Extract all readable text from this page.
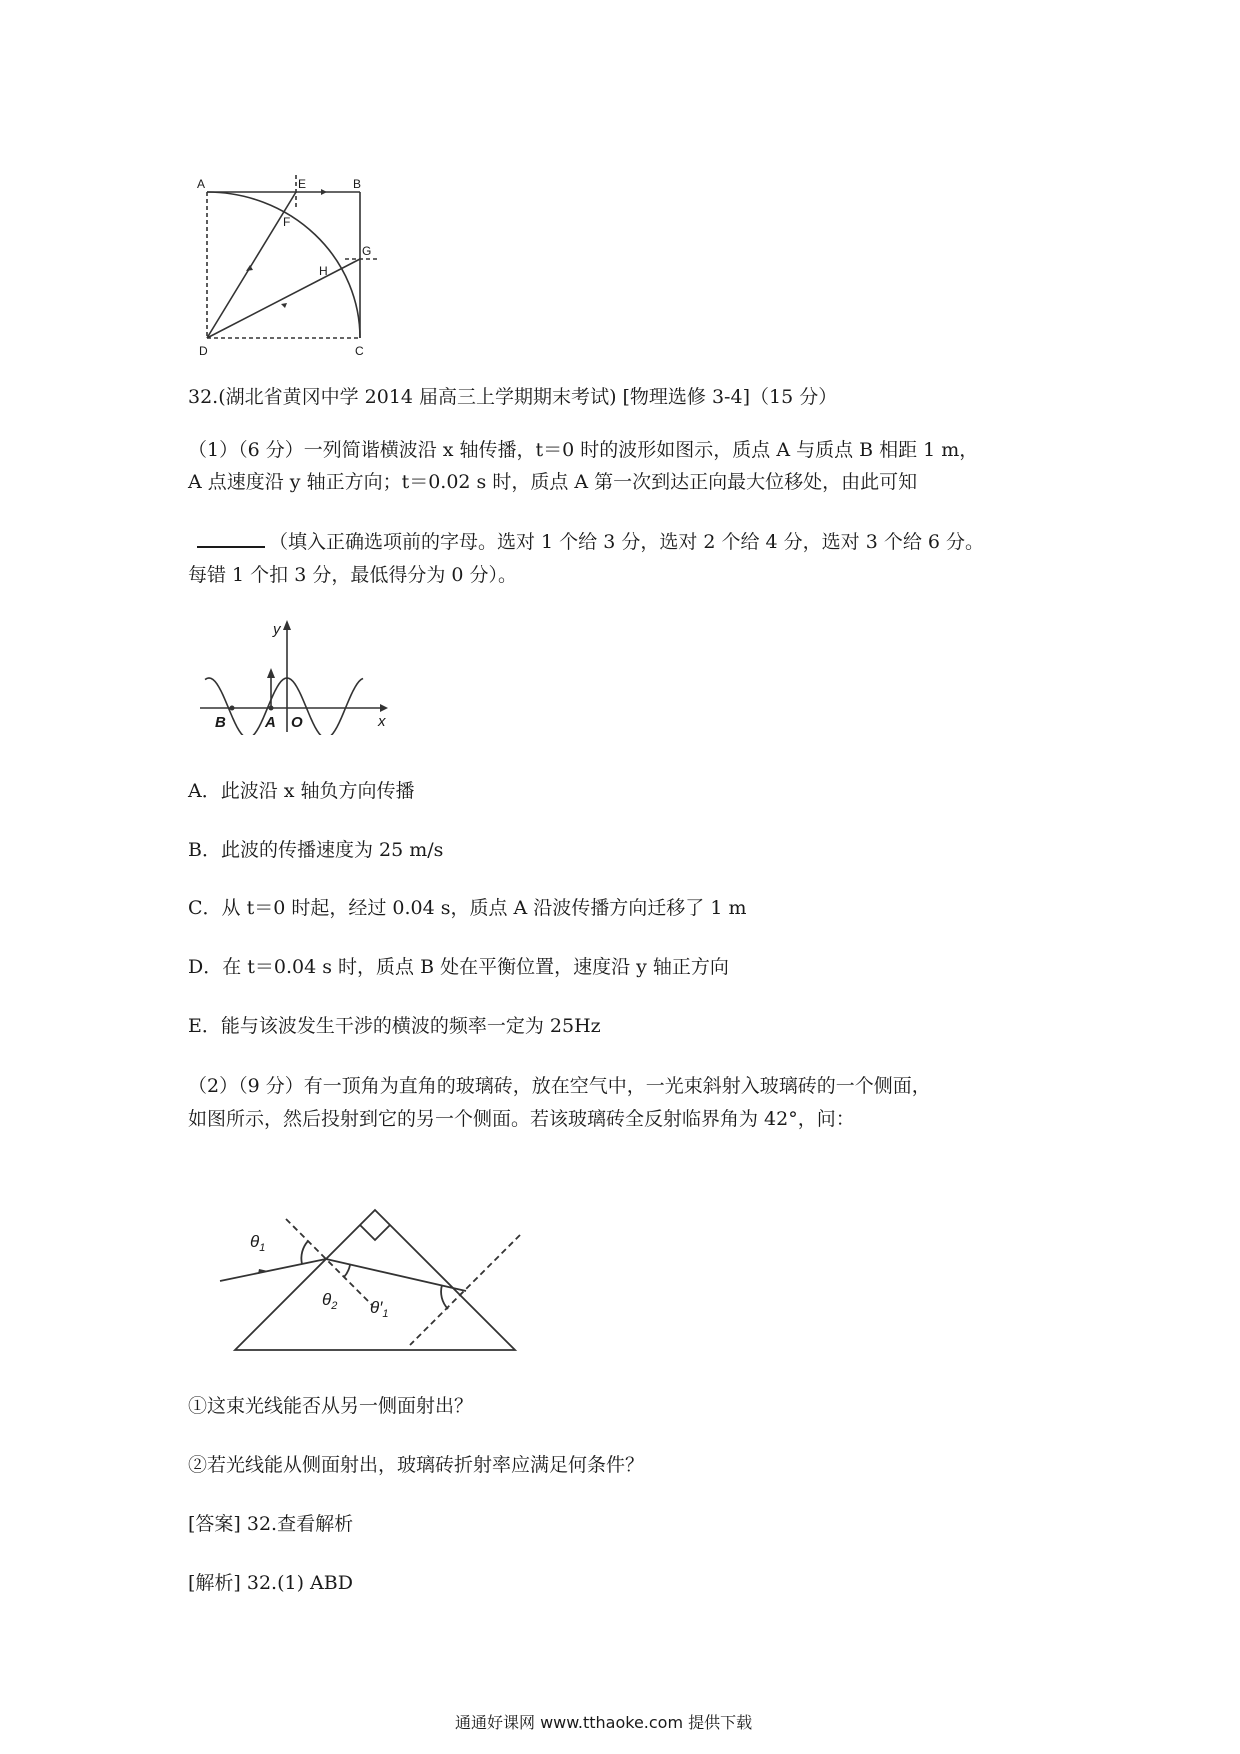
A	B
C
D
E
F
G
H
32.(湖北省黄冈中学 2014 届高三上学期期末考试) [物理选修 3-4]（15 分）
（1）（6 分）一列简谐横波沿 x 轴传播，t＝0 时的波形如图示，质点 A 与质点 B 相距 1 m，
A 点速度沿 y 轴正方向；t＝0.02 s 时，质点 A 第一次到达正向最大位移处，由此可知
（填入正确选项前的字母。选对 1 个给 3 分，选对 2 个给 4 分，选对 3 个给 6 分。
每错 1 个扣 3 分，最低得分为 0 分）。
y
x
B	A O
A．此波沿 x 轴负方向传播
B．此波的传播速度为 25 m/s
C．从 t＝0 时起，经过 0.04 s，质点 A 沿波传播方向迁移了 1 m
D．在 t＝0.04 s 时，质点 B 处在平衡位置，速度沿 y 轴正方向
E．能与该波发生干涉的横波的频率一定为 25Hz
（2）（9 分）有一顶角为直角的玻璃砖，放在空气中，一光束斜射入玻璃砖的一个侧面，
如图所示，然后投射到它的另一个侧面。若该玻璃砖全反射临界角为 42°，问：
$\theta_1$
$\theta_2$ $\theta'_1$
①这束光线能否从另一侧面射出？
②若光线能从侧面射出，玻璃砖折射率应满足何条件？
[答案] 32.查看解析
[解析] 32.(1) ABD
通通好课网 www.tthaoke.com 提供下载
